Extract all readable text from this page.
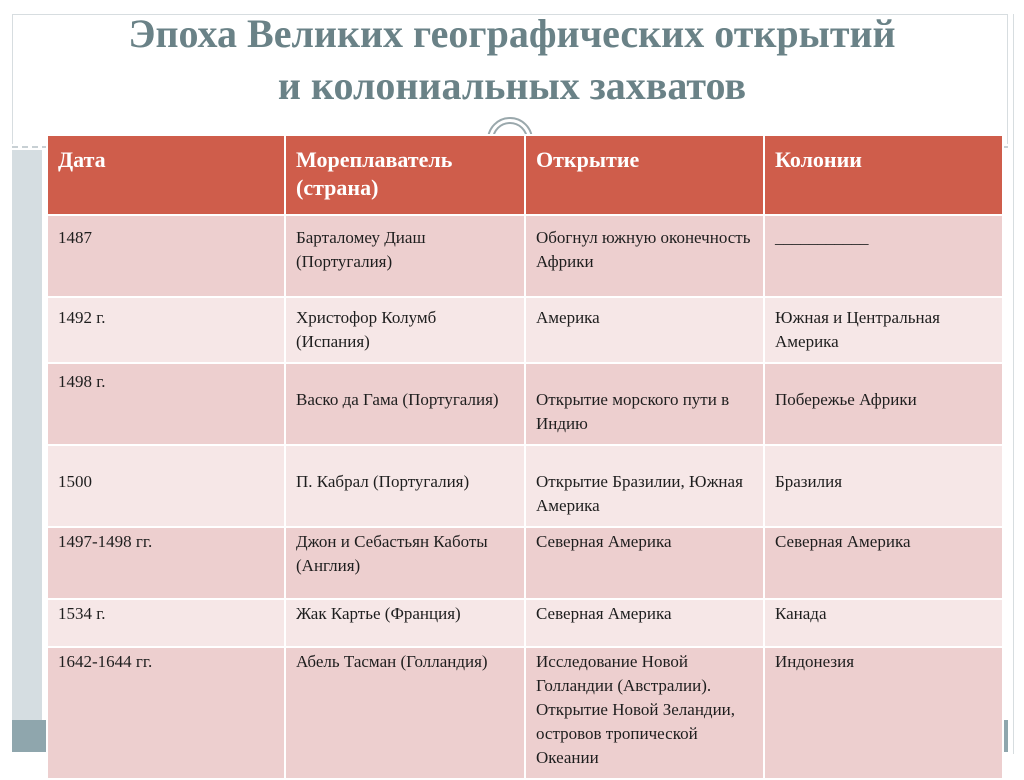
Эпоха Великих географических открытий
и колониальных захватов
Дата	Мореплаватель (страна)	Открытие	Колонии
1487	Барталомеу Диаш (Португалия)	Обогнул южную оконечность Африки	___________
1492 г.	Христофор Колумб (Испания)	Америка	Южная и Центральная Америка
1498 г.	Васко да Гама (Португалия)	Открытие морского пути в Индию	Побережье Африки
1500	П. Кабрал (Португалия)	Открытие Бразилии, Южная Америка	Бразилия
1497-1498 гг.	Джон и Себастьян Каботы (Англия)	Северная Америка	Северная Америка
1534 г.	Жак Картье (Франция)	Северная Америка	Канада
1642-1644 гг.	Абель Тасман (Голландия)	Исследование Новой Голландии (Австралии). Открытие Новой Зеландии, островов тропической Океании	Индонезия
